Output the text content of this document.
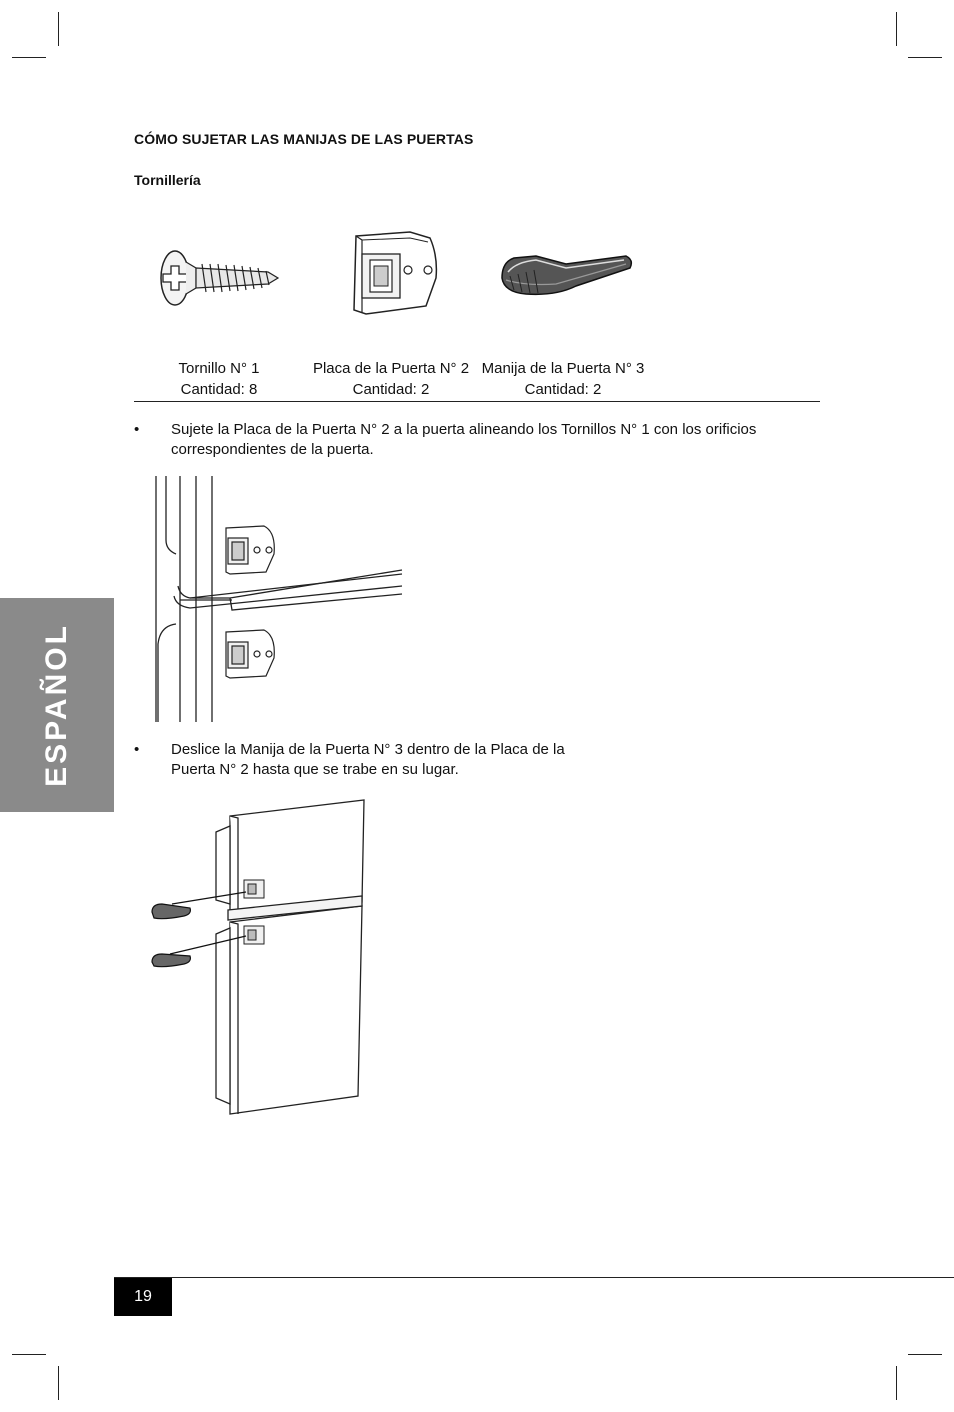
CÓMO SUJETAR LAS MANIJAS DE LAS PUERTAS
Tornillería
Tornillo N° 1
Cantidad: 8
Placa de la Puerta N° 2
Cantidad: 2
Manija de la Puerta N° 3
Cantidad: 2
• Sujete la Placa de la Puerta N° 2 a la puerta alineando los Tornillos N° 1 con los orificios
correspondientes de la puerta.
• Deslice la Manija de la Puerta N° 3 dentro de la Placa de la
Puerta N° 2 hasta que se trabe en su lugar.
ESPAÑOL
19
